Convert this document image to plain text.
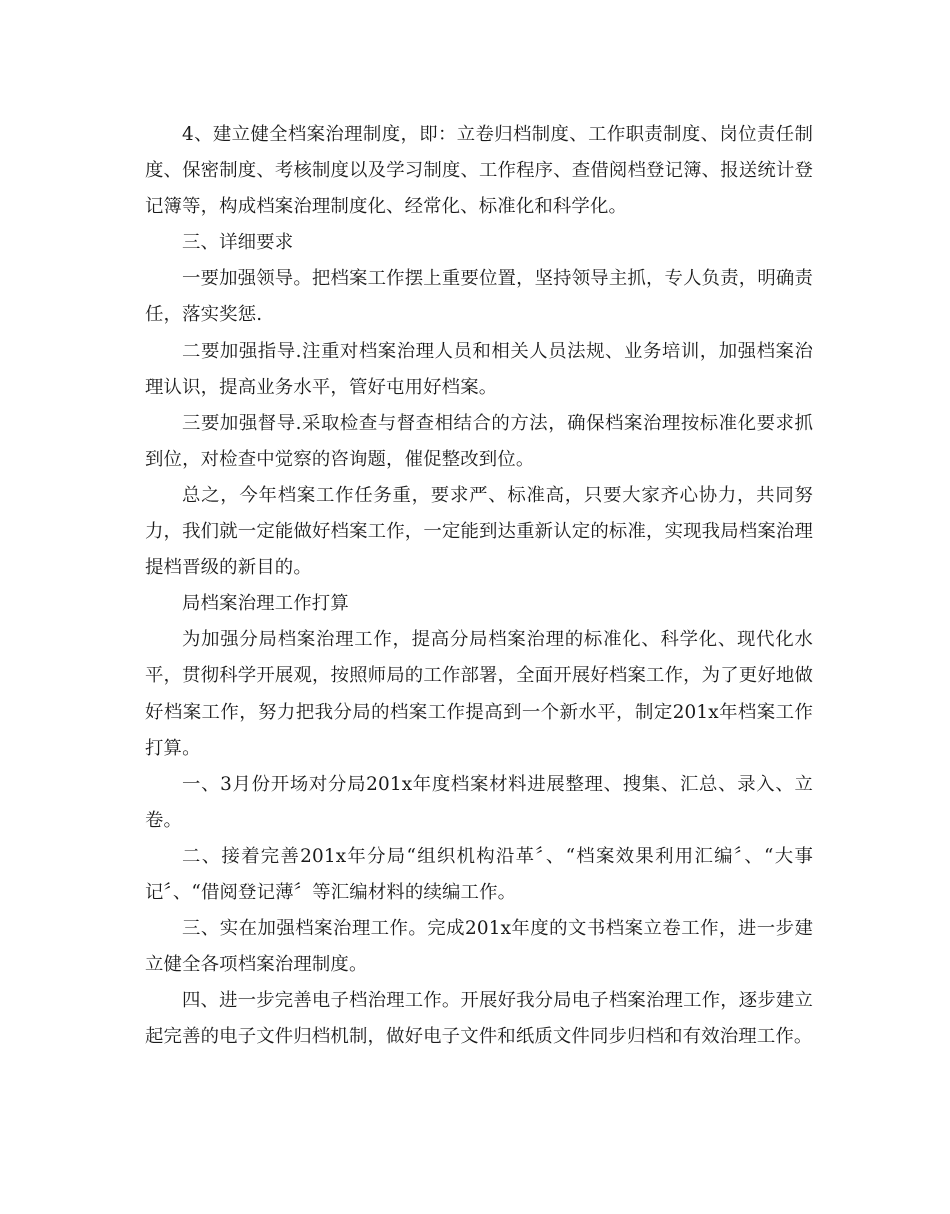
4、建立健全档案治理制度，即：立卷归档制度、工作职责制度、岗位责任制度、保密制度、考核制度以及学习制度、工作程序、查借阅档登记簿、报送统计登记簿等，构成档案治理制度化、经常化、标准化和科学化。

三、详细要求

一要加强领导。把档案工作摆上重要位置，坚持领导主抓，专人负责，明确责任，落实奖惩.

二要加强指导.注重对档案治理人员和相关人员法规、业务培训，加强档案治理认识，提高业务水平，管好屯用好档案。

三要加强督导.采取检查与督查相结合的方法，确保档案治理按标准化要求抓到位，对检查中觉察的咨询题，催促整改到位。

总之，今年档案工作任务重，要求严、标准高，只要大家齐心协力，共同努力，我们就一定能做好档案工作，一定能到达重新认定的标准，实现我局档案治理提档晋级的新目的。

局档案治理工作打算

为加强分局档案治理工作，提高分局档案治理的标准化、科学化、现代化水平，贯彻科学开展观，按照师局的工作部署，全面开展好档案工作，为了更好地做好档案工作，努力把我分局的档案工作提高到一个新水平，制定201x年档案工作打算。

一、3月份开场对分局201x年度档案材料进展整理、搜集、汇总、录入、立卷。

二、接着完善201x年分局“组织机构沿革〞、“档案效果利用汇编〞、“大事记〞、“借阅登记薄〞等汇编材料的续编工作。

三、实在加强档案治理工作。完成201x年度的文书档案立卷工作，进一步建立健全各项档案治理制度。

四、进一步完善电子档治理工作。开展好我分局电子档案治理工作，逐步建立起完善的电子文件归档机制，做好电子文件和纸质文件同步归档和有效治理工作。
